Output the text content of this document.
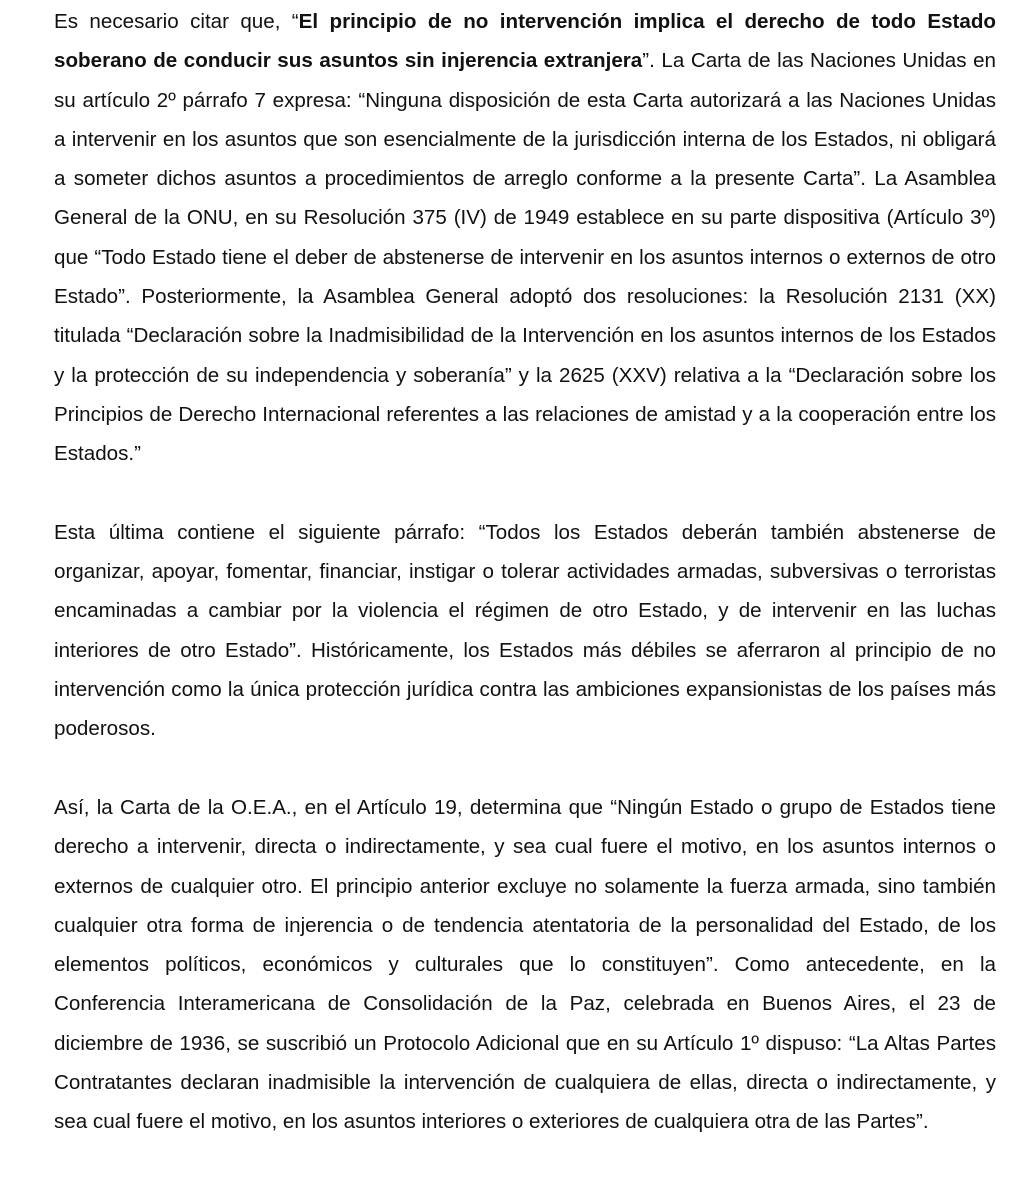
Es necesario citar que, “El principio de no intervención implica el derecho de todo Estado soberano de conducir sus asuntos sin injerencia extranjera”. La Carta de las Naciones Unidas en su artículo 2º párrafo 7 expresa: “Ninguna disposición de esta Carta autorizará a las Naciones Unidas a intervenir en los asuntos que son esencialmente de la jurisdicción interna de los Estados, ni obligará a someter dichos asuntos a procedimientos de arreglo conforme a la presente Carta”. La Asamblea General de la ONU, en su Resolución 375 (IV) de 1949 establece en su parte dispositiva (Artículo 3º) que “Todo Estado tiene el deber de abstenerse de intervenir en los asuntos internos o externos de otro Estado”. Posteriormente, la Asamblea General adoptó dos resoluciones: la Resolución 2131 (XX) titulada “Declaración sobre la Inadmisibilidad de la Intervención en los asuntos internos de los Estados y la protección de su independencia y soberanía” y la 2625 (XXV) relativa a la “Declaración sobre los Principios de Derecho Internacional referentes a las relaciones de amistad y a la cooperación entre los Estados.”

Esta última contiene el siguiente párrafo: “Todos los Estados deberán también abstenerse de organizar, apoyar, fomentar, financiar, instigar o tolerar actividades armadas, subversivas o terroristas encaminadas a cambiar por la violencia el régimen de otro Estado, y de intervenir en las luchas interiores de otro Estado”. Históricamente, los Estados más débiles se aferraron al principio de no intervención como la única protección jurídica contra las ambiciones expansionistas de los países más poderosos.

Así, la Carta de la O.E.A., en el Artículo 19, determina que “Ningún Estado o grupo de Estados tiene derecho a intervenir, directa o indirectamente, y sea cual fuere el motivo, en los asuntos internos o externos de cualquier otro. El principio anterior excluye no solamente la fuerza armada, sino también cualquier otra forma de injerencia o de tendencia atentatoria de la personalidad del Estado, de los elementos políticos, económicos y culturales que lo constituyen”. Como antecedente, en la Conferencia Interamericana de Consolidación de la Paz, celebrada en Buenos Aires, el 23 de diciembre de 1936, se suscribió un Protocolo Adicional que en su Artículo 1º dispuso: “La Altas Partes Contratantes declaran inadmisible la intervención de cualquiera de ellas, directa o indirectamente, y sea cual fuere el motivo, en los asuntos interiores o exteriores de cualquiera otra de las Partes”.
